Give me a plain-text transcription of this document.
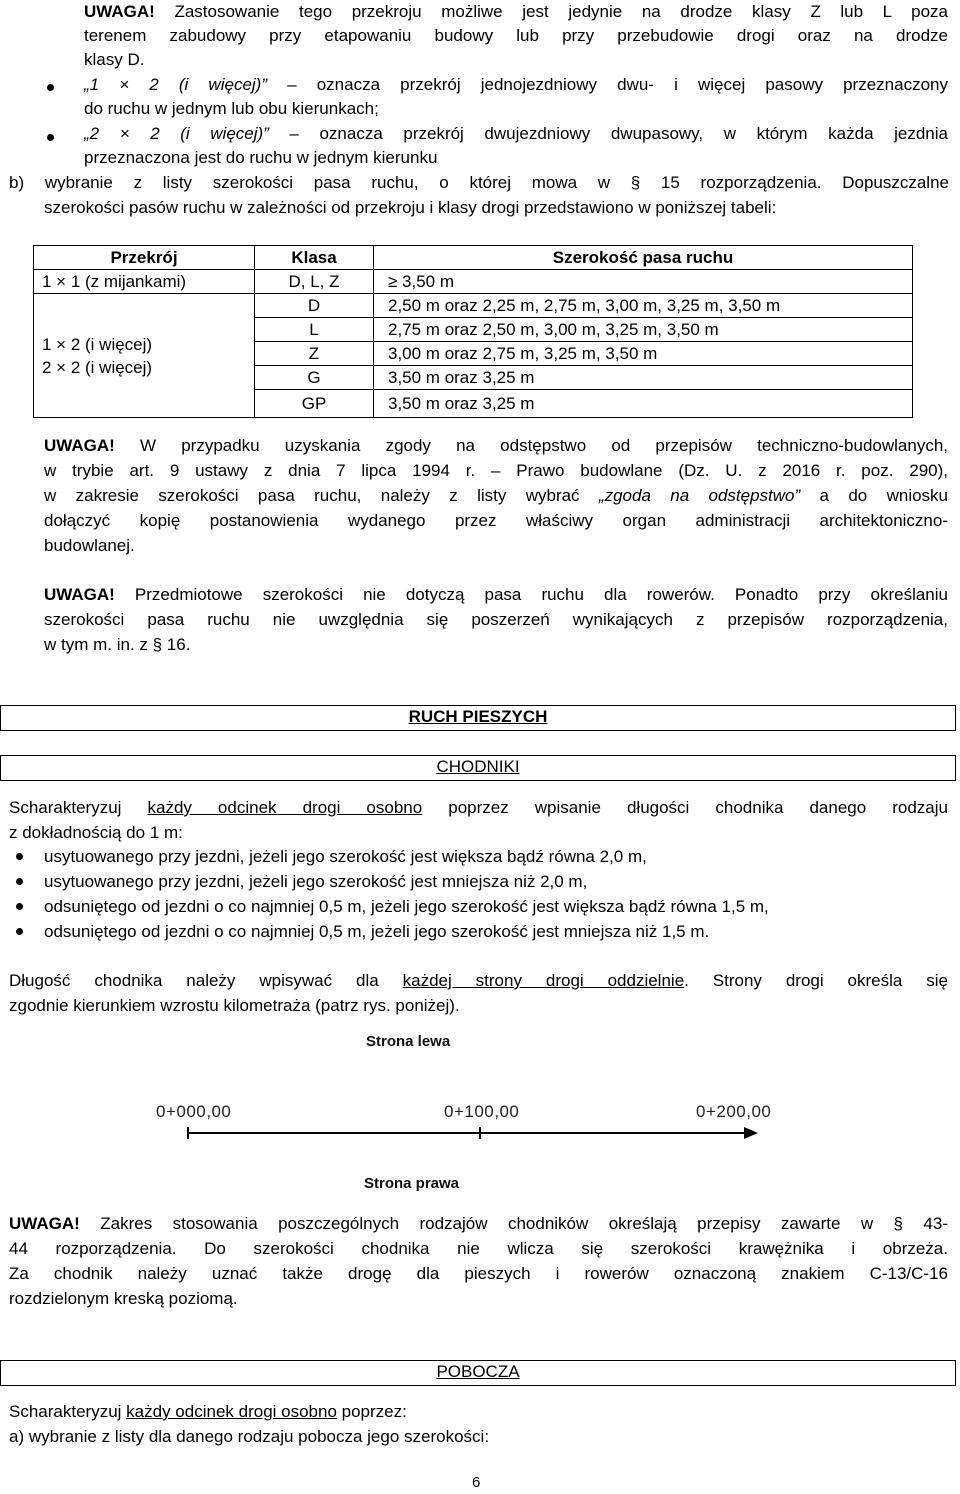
UWAGA! Zastosowanie tego przekroju możliwe jest jedynie na drodze klasy Z lub L poza
terenem zabudowy przy etapowaniu budowy lub przy przebudowie drogi oraz na drodze
klasy D.
„1 × 2 (i więcej)” – oznacza przekrój jednojezdniowy dwu- i więcej pasowy przeznaczony
do ruchu w jednym lub obu kierunkach;
„2 × 2 (i więcej)” – oznacza przekrój dwujezdniowy dwupasowy, w którym każda jezdnia
przeznaczona jest do ruchu w jednym kierunku
b) wybranie z listy szerokości pasa ruchu, o której mowa w § 15 rozporządzenia. Dopuszczalne
szerokości pasów ruchu w zależności od przekroju i klasy drogi przedstawiono w poniższej tabeli:
Przekrój	Klasa	Szerokość pasa ruchu
1 × 1 (z mijankami)	D, L, Z	≥ 3,50 m

1 × 2 (i więcej)
2 × 2 (i więcej)	D	2,50 m oraz 2,25 m, 2,75 m, 3,00 m, 3,25 m, 3,50 m
	L	2,75 m oraz 2,50 m, 3,00 m, 3,25 m, 3,50 m
	Z	3,00 m oraz 2,75 m, 3,25 m, 3,50 m
	G	3,50 m oraz 3,25 m
	GP	3,50 m oraz 3,25 m
UWAGA! W przypadku uzyskania zgody na odstępstwo od przepisów techniczno-budowlanych,
w trybie art. 9 ustawy z dnia 7 lipca 1994 r. – Prawo budowlane (Dz. U. z 2016 r. poz. 290),
w zakresie szerokości pasa ruchu, należy z listy wybrać „zgoda na odstępstwo” a do wniosku
dołączyć kopię postanowienia wydanego przez właściwy organ administracji architektoniczno-
budowlanej.
UWAGA! Przedmiotowe szerokości nie dotyczą pasa ruchu dla rowerów. Ponadto przy określaniu
szerokości pasa ruchu nie uwzględnia się poszerzeń wynikających z przepisów rozporządzenia,
w tym m. in. z § 16.
RUCH PIESZYCH
CHODNIKI
Scharakteryzuj każdy odcinek drogi osobno poprzez wpisanie długości chodnika danego rodzaju
z dokładnością do 1 m:
usytuowanego przy jezdni, jeżeli jego szerokość jest większa bądź równa 2,0 m,
usytuowanego przy jezdni, jeżeli jego szerokość jest mniejsza niż 2,0 m,
odsuniętego od jezdni o co najmniej 0,5 m, jeżeli jego szerokość jest większa bądź równa 1,5 m,
odsuniętego od jezdni o co najmniej 0,5 m, jeżeli jego szerokość jest mniejsza niż 1,5 m.
Długość chodnika należy wpisywać dla każdej strony drogi oddzielnie. Strony drogi określa się
zgodnie kierunkiem wzrostu kilometraża (patrz rys. poniżej).
Strona lewa
0+000,00	0+100,00	0+200,00
Strona prawa
UWAGA! Zakres stosowania poszczególnych rodzajów chodników określają przepisy zawarte w § 43-
44 rozporządzenia. Do szerokości chodnika nie wlicza się szerokości krawężnika i obrzeża.
Za chodnik należy uznać także drogę dla pieszych i rowerów oznaczoną znakiem C-13/C-16
rozdzielonym kreską poziomą.
POBOCZA
Scharakteryzuj każdy odcinek drogi osobno poprzez:
a) wybranie z listy dla danego rodzaju pobocza jego szerokości:
6
